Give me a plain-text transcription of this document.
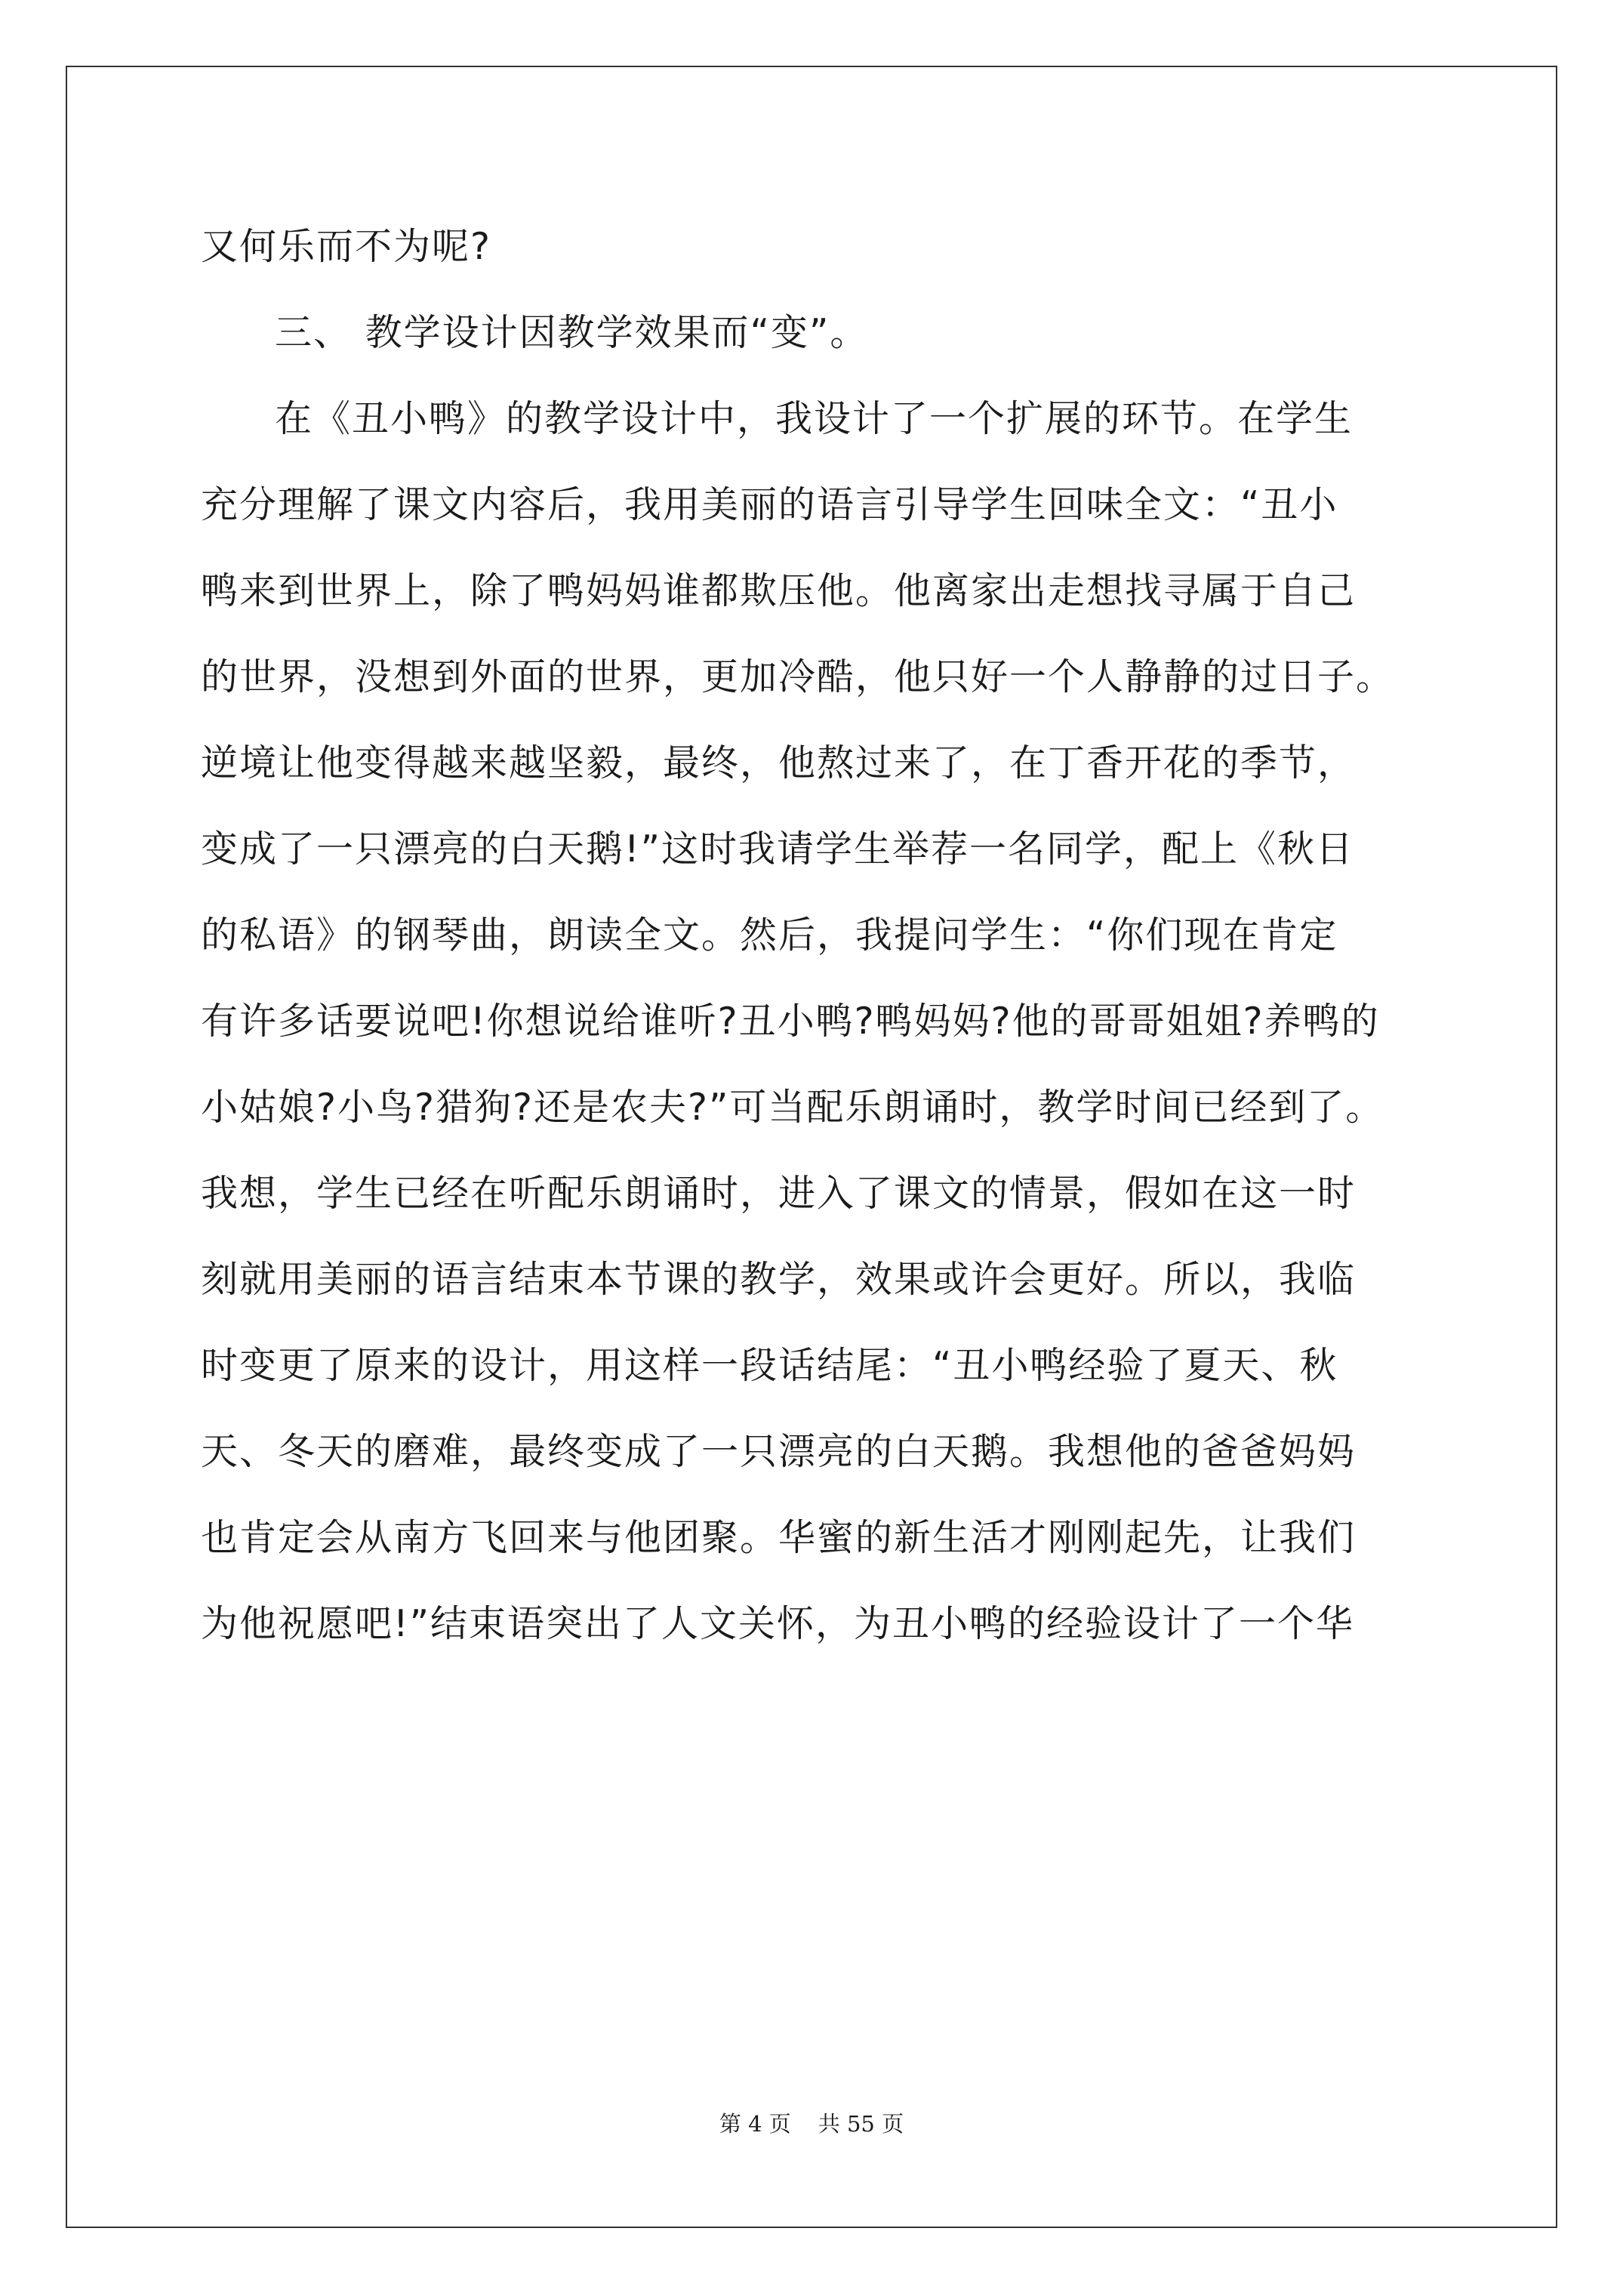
又何乐而不为呢?
三、 教学设计因教学效果而“变”。
在《丑小鸭》的教学设计中，我设计了一个扩展的环节。在学生
充分理解了课文内容后，我用美丽的语言引导学生回味全文：“丑小
鸭来到世界上，除了鸭妈妈谁都欺压他。他离家出走想找寻属于自己
的世界，没想到外面的世界，更加冷酷，他只好一个人静静的过日子。
逆境让他变得越来越坚毅，最终，他熬过来了，在丁香开花的季节，
变成了一只漂亮的白天鹅!”这时我请学生举荐一名同学，配上《秋日
的私语》的钢琴曲，朗读全文。然后，我提问学生：“你们现在肯定
有许多话要说吧!你想说给谁听?丑小鸭?鸭妈妈?他的哥哥姐姐?养鸭的
小姑娘?小鸟?猎狗?还是农夫?”可当配乐朗诵时，教学时间已经到了。
我想，学生已经在听配乐朗诵时，进入了课文的情景，假如在这一时
刻就用美丽的语言结束本节课的教学，效果或许会更好。所以，我临
时变更了原来的设计，用这样一段话结尾：“丑小鸭经验了夏天、秋
天、冬天的磨难，最终变成了一只漂亮的白天鹅。我想他的爸爸妈妈
也肯定会从南方飞回来与他团聚。华蜜的新生活才刚刚起先，让我们
为他祝愿吧!”结束语突出了人文关怀，为丑小鸭的经验设计了一个华
第 4 页 共 55 页
